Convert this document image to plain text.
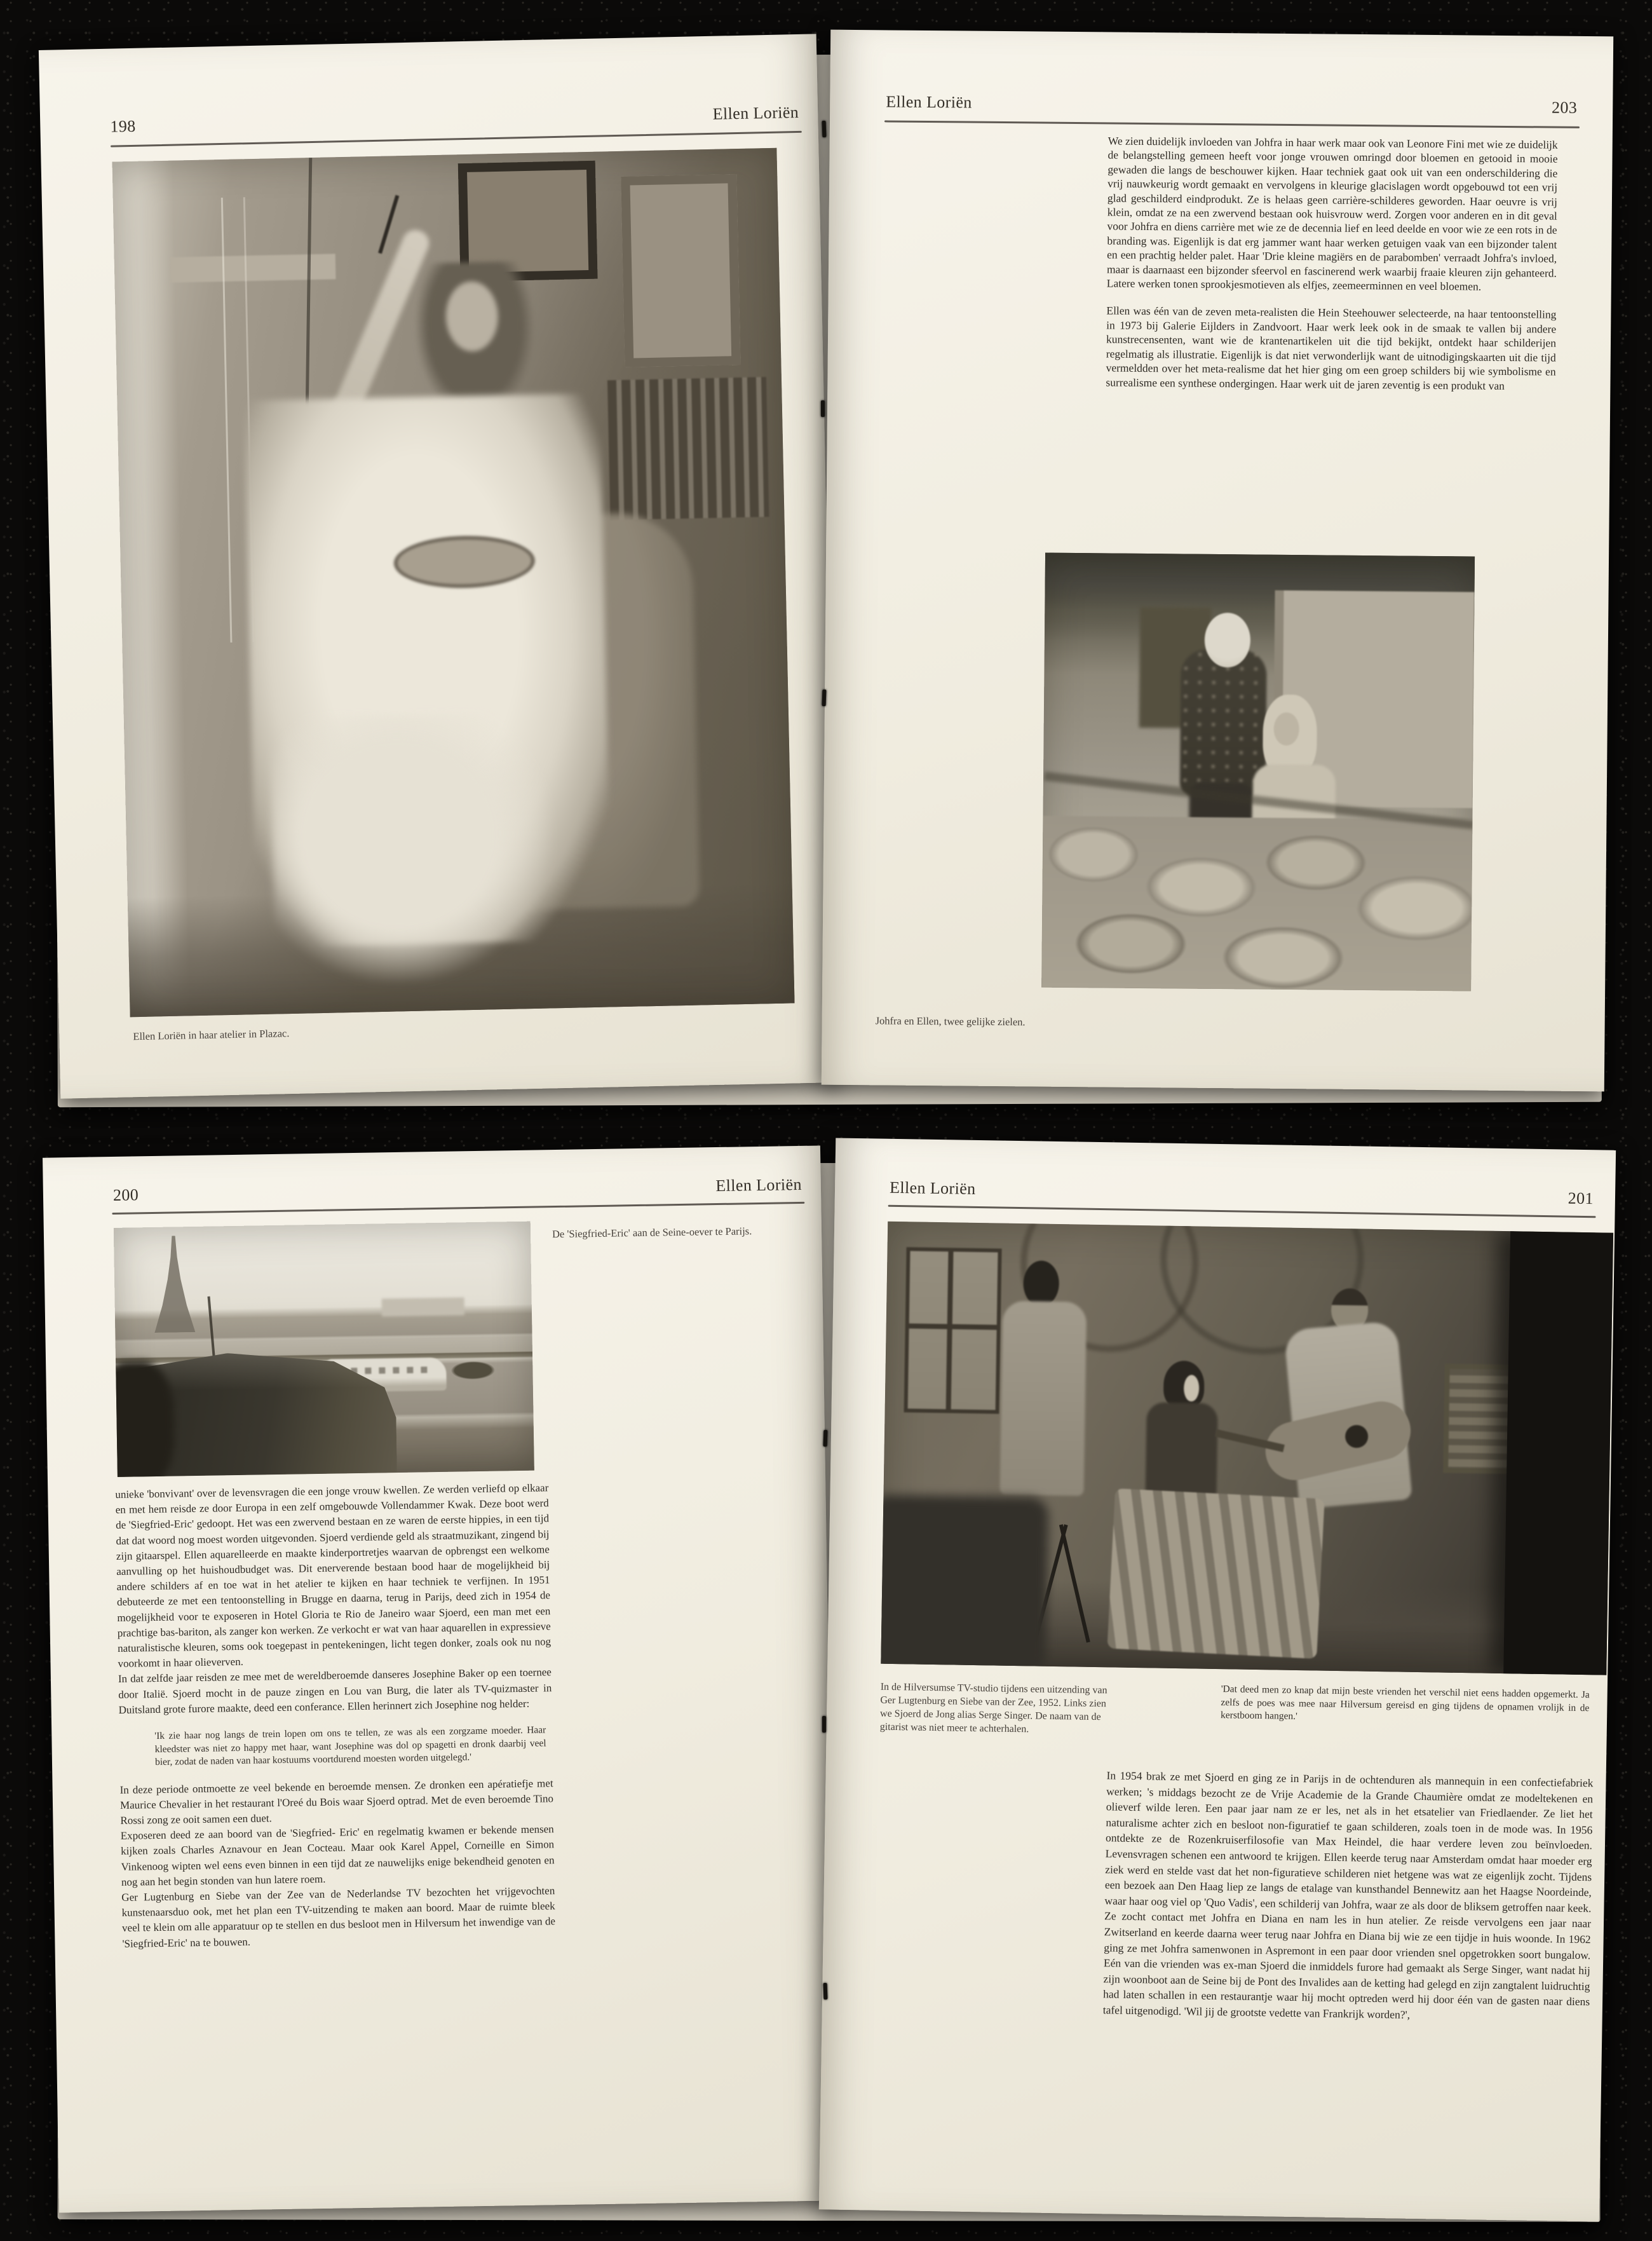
198
Ellen Loriën
Ellen Loriën in haar atelier in Plazac.
Ellen Loriën	203

We zien duidelijk invloeden van Johfra in haar werk maar ook van Leonore Fini met wie ze duidelijk de belangstelling gemeen heeft voor jonge vrouwen omringd door bloemen en getooid in mooie gewaden die langs de beschouwer kijken. Haar techniek gaat ook uit van een onderschildering die vrij nauwkeurig wordt gemaakt en vervolgens in kleurige glacislagen wordt opgebouwd tot een vrij glad geschilderd eindprodukt. Ze is helaas geen carrière-schilderes geworden. Haar oeuvre is vrij klein, omdat ze na een zwervend bestaan ook huisvrouw werd. Zorgen voor anderen en in dit geval voor Johfra en diens carrière met wie ze de decennia lief en leed deelde en voor wie ze een rots in de branding was. Eigenlijk is dat erg jammer want haar werken getuigen vaak van een bijzonder talent en een prachtig helder palet. Haar 'Drie kleine magiërs en de parabomben' verraadt Johfra's invloed, maar is daarnaast een bijzonder sfeervol en fascinerend werk waarbij fraaie kleuren zijn gehanteerd. Latere werken tonen sprookjesmotieven als elfjes, zeemeerminnen en veel bloemen.

Ellen was één van de zeven meta-realisten die Hein Steehouwer selecteerde, na haar tentoonstelling in 1973 bij Galerie Eijlders in Zandvoort. Haar werk leek ook in de smaak te vallen bij andere kunstrecensenten, want wie de krantenartikelen uit die tijd bekijkt, ontdekt haar schilderijen regelmatig als illustratie. Eigenlijk is dat niet verwonderlijk want de uitnodigingskaarten uit die tijd vermeldden over het meta-realisme dat het hier ging om een groep schilders bij wie symbolisme en surrealisme een synthese ondergingen. Haar werk uit de jaren zeventig is een produkt van

Johfra en Ellen, twee gelijke zielen.
200
Ellen Loriën
De 'Siegfried-Eric' aan de Seine-oever te Parijs.

unieke 'bonvivant' over de levensvragen die een jonge vrouw kwellen. Ze werden verliefd op elkaar en met hem reisde ze door Europa in een zelf omgebouwde Vollendammer Kwak. Deze boot werd de 'Siegfried-Eric' gedoopt. Het was een zwervend bestaan en ze waren de eerste hippies, in een tijd dat dat woord nog moest worden uitgevonden. Sjoerd verdiende geld als straatmuzikant, zingend bij zijn gitaarspel. Ellen aquarelleerde en maakte kinderportretjes waarvan de opbrengst een welkome aanvulling op het huishoudbudget was. Dit enerverende bestaan bood haar de mogelijkheid bij andere schilders af en toe wat in het atelier te kijken en haar techniek te verfijnen. In 1951 debuteerde ze met een tentoonstelling in Brugge en daarna, terug in Parijs, deed zich in 1954 de mogelijkheid voor te exposeren in Hotel Gloria te Rio de Janeiro waar Sjoerd, een man met een prachtige bas-bariton, als zanger kon werken. Ze verkocht er wat van haar aquarellen in expressieve naturalistische kleuren, soms ook toegepast in pentekeningen, licht tegen donker, zoals ook nu nog voorkomt in haar olieverven.

In dat zelfde jaar reisden ze mee met de wereldberoemde danseres Josephine Baker op een toernee door Italië. Sjoerd mocht in de pauze zingen en Lou van Burg, die later als TV-quizmaster in Duitsland grote furore maakte, deed een conferance. Ellen herinnert zich Josephine nog helder:

'Ik zie haar nog langs de trein lopen om ons te tellen, ze was als een zorgzame moeder. Haar kleedster was niet zo happy met haar, want Josephine was dol op spagetti en dronk daarbij veel bier, zodat de naden van haar kostuums voortdurend moesten worden uitgelegd.'

In deze periode ontmoette ze veel bekende en beroemde mensen. Ze dronken een apératiefje met Maurice Chevalier in het restaurant l'Oreé du Bois waar Sjoerd optrad. Met de even beroemde Tino Rossi zong ze ooit samen een duet.

Exposeren deed ze aan boord van de 'Siegfried- Eric' en regelmatig kwamen er bekende mensen kijken zoals Charles Aznavour en Jean Cocteau. Maar ook Karel Appel, Corneille en Simon Vinkenoog wipten wel eens even binnen in een tijd dat ze nauwelijks enige bekendheid genoten en nog aan het begin stonden van hun latere roem.

Ger Lugtenburg en Siebe van der Zee van de Nederlandse TV bezochten het vrijgevochten kunstenaarsduo ook, met het plan een TV-uitzending te maken aan boord. Maar de ruimte bleek veel te klein om alle apparatuur op te stellen en dus besloot men in Hilversum het inwendige van de 'Siegfried-Eric' na te bouwen.

Ellen Loriën
201
In de Hilversumse TV-studio tijdens een uitzending van Ger Lugtenburg en Siebe van der Zee, 1952. Links zien we Sjoerd de Jong alias Serge Singer. De naam van de gitarist was niet meer te achterhalen.
'Dat deed men zo knap dat mijn beste vrienden het verschil niet eens hadden opgemerkt. Ja zelfs de poes was mee naar Hilversum gereisd en ging tijdens de opnamen vrolijk in de kerstboom hangen.'

In 1954 brak ze met Sjoerd en ging ze in Parijs in de ochtenduren als mannequin in een confectiefabriek werken; 's middags bezocht ze de Vrije Academie de la Grande Chaumière omdat ze modeltekenen en olieverf wilde leren. Een paar jaar nam ze er les, net als in het etsatelier van Friedlaender. Ze liet het naturalisme achter zich en besloot non-figuratief te gaan schilderen, zoals toen in de mode was. In 1956 ontdekte ze de Rozenkruiserfilosofie van Max Heindel, die haar verdere leven zou beïnvloeden. Levensvragen schenen een antwoord te krijgen. Ellen keerde terug naar Amsterdam omdat haar moeder erg ziek werd en stelde vast dat het non-figuratieve schilderen niet hetgene was wat ze eigenlijk zocht. Tijdens een bezoek aan Den Haag liep ze langs de etalage van kunsthandel Bennewitz aan het Haagse Noordeinde, waar haar oog viel op 'Quo Vadis', een schilderij van Johfra, waar ze als door de bliksem getroffen naar keek. Ze zocht contact met Johfra en Diana en nam les in hun atelier. Ze reisde vervolgens een jaar naar Zwitserland en keerde daarna weer terug naar Johfra en Diana bij wie ze een tijdje in huis woonde. In 1962 ging ze met Johfra samenwonen in Aspremont in een paar door vrienden snel opgetrokken soort bungalow. Eén van die vrienden was ex-man Sjoerd die inmiddels furore had gemaakt als Serge Singer, want nadat hij zijn woonboot aan de Seine bij de Pont des Invalides aan de ketting had gelegd en zijn zangtalent luidruchtig had laten schallen in een restaurantje waar hij mocht optreden werd hij door één van de gasten naar diens tafel uitgenodigd. 'Wil jij de grootste vedette van Frankrijk worden?',
